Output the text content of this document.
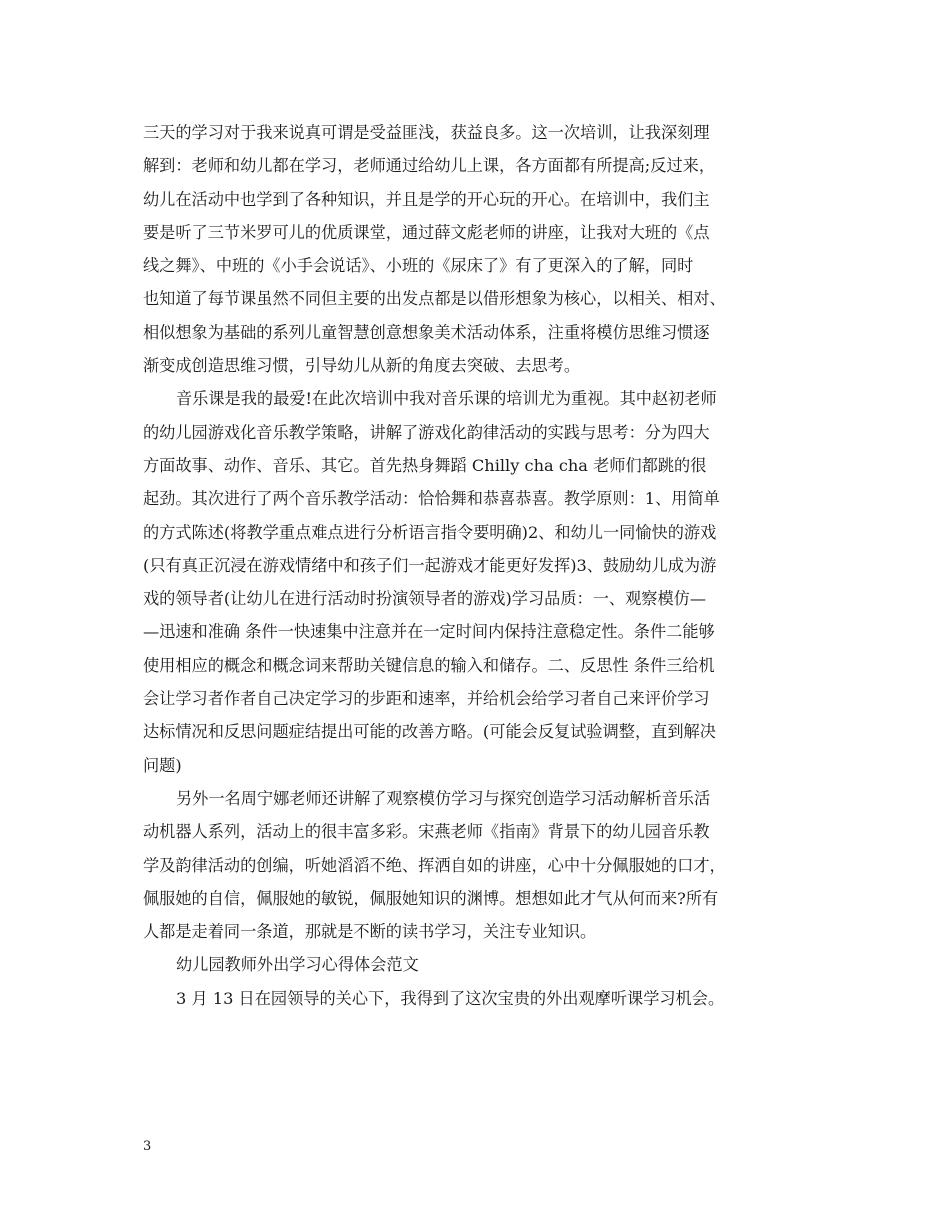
三天的学习对于我来说真可谓是受益匪浅，获益良多。这一次培训，让我深刻理
解到：老师和幼儿都在学习，老师通过给幼儿上课，各方面都有所提高;反过来，
幼儿在活动中也学到了各种知识，并且是学的开心玩的开心。在培训中，我们主
要是听了三节米罗可儿的优质课堂，通过薛文彪老师的讲座，让我对大班的《点
线之舞》、中班的《小手会说话》、小班的《尿床了》有了更深入的了解，同时
也知道了每节课虽然不同但主要的出发点都是以借形想象为核心，以相关、相对、
相似想象为基础的系列儿童智慧创意想象美术活动体系，注重将模仿思维习惯逐
渐变成创造思维习惯，引导幼儿从新的角度去突破、去思考。
音乐课是我的最爱!在此次培训中我对音乐课的培训尤为重视。其中赵初老师
的幼儿园游戏化音乐教学策略，讲解了游戏化韵律活动的实践与思考：分为四大
方面故事、动作、音乐、其它。首先热身舞蹈 Chilly cha cha 老师们都跳的很
起劲。其次进行了两个音乐教学活动：恰恰舞和恭喜恭喜。教学原则：1、用简单
的方式陈述(将教学重点难点进行分析语言指令要明确)2、和幼儿一同愉快的游戏
(只有真正沉浸在游戏情绪中和孩子们一起游戏才能更好发挥)3、鼓励幼儿成为游
戏的领导者(让幼儿在进行活动时扮演领导者的游戏)学习品质：一、观察模仿—
—迅速和准确 条件一快速集中注意并在一定时间内保持注意稳定性。条件二能够
使用相应的概念和概念词来帮助关键信息的输入和储存。二、反思性 条件三给机
会让学习者作者自己决定学习的步距和速率，并给机会给学习者自己来评价学习
达标情况和反思问题症结提出可能的改善方略。(可能会反复试验调整，直到解决
问题)
另外一名周宁娜老师还讲解了观察模仿学习与探究创造学习活动解析音乐活
动机器人系列，活动上的很丰富多彩。宋燕老师《指南》背景下的幼儿园音乐教
学及韵律活动的创编，听她滔滔不绝、挥洒自如的讲座，心中十分佩服她的口才，
佩服她的自信，佩服她的敏锐，佩服她知识的渊博。想想如此才气从何而来?所有
人都是走着同一条道，那就是不断的读书学习，关注专业知识。
幼儿园教师外出学习心得体会范文
3 月 13 日在园领导的关心下，我得到了这次宝贵的外出观摩听课学习机会。
3
